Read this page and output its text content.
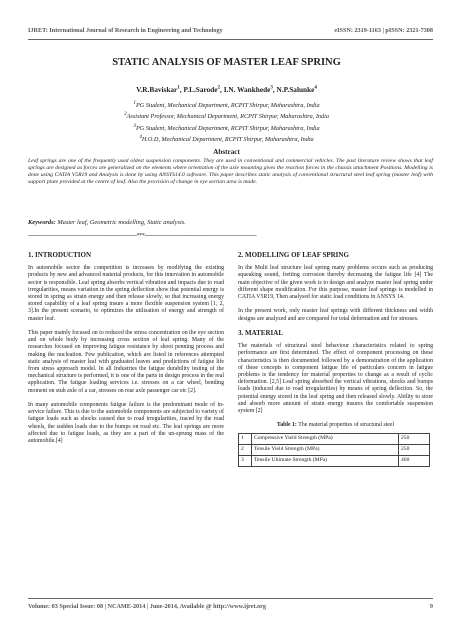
IJRET: International Journal of Research in Engineering and Technology	eISSN: 2319-1163 | pISSN: 2321-7308
STATIC ANALYSIS OF MASTER LEAF SPRING
V.R.Baviskar$^1$, P.L.Sarode$^2$, I.N. Wankhede$^3$, N.P.Salunke$^4$
$^1$PG Student, Mechanical Department, RCPIT Shirpur, Maharashtra, India
$^2$Assistant Professor, Mechanical Department, RCPIT Shirpur, Maharashtra, India
$^3$PG Student, Mechanical Department, RCPIT Shirpur, Maharashtra, India
$^4$H.O.D, Mechanical Department, RCPIT Shirpur, Maharashtra, India
Abstract
Leaf springs are one of the frequently used oldest suspension components. They are used in conventional and commercial vehicles. The past literature review shows that leaf springs are designed as forces are generalized on the elements where orientation of the axle mounting gives the reaction forces in the chassis attachment Positions. Modelling is done using CATIA V5R19 and Analysis is done by using ANSYS14.0 software. This paper describes static analysis of conventional structural steel leaf spring (master leaf) with support plate provided at the centre of leaf. Also the provision of change in eye section area is made.
Keywords: Master leaf, Geometric modelling, Static analysis.
--------------------------------------------------------------------***----------------------------------------------------------------------
1. INTRODUCTION

In automobile sector the competition is increases by modifying the existing products by new and advanced material products, for this innovation in automobile sector is responsible. Leaf spring absorbs vertical vibration and impacts due to road irregularities, means variation in the spring deflection show that potential energy is stored in spring as strain energy and then release slowly, so that increasing energy stored capability of a leaf spring insure a more flexible suspension system [1, 2, 3].In the present scenario, to optimizes the utilisation of energy and strength of master leaf.

This paper mainly focused on to reduced the stress concentration on the eye section and on whole body by increasing cross section of leaf spring. Many of the researches focused on improving fatigue resistance by shoot penning process and making the nucleation. Few publication, which are listed in references attempted static analysis of master leaf with graduated leaves and predictions of fatigue life from stress approach model. In all Industries the fatigue durability testing of the mechanical structure is performed, it is one of the parts in design process in the real application. The fatigue loading services i.e. stresses on a car wheel, bending moment on stub axle of a car, stresses on rear axle passenger car etc [2].

In many automobile components fatigue failure is the predominant mode of in-service failure. This is due to the automobile components are subjected to variety of fatigue loads such as shocks caused due to road irregularities, traced by the road wheels, the sudden loads due to the bumps on road etc. The leaf springs are more affected due to fatigue loads, as they are a part of the un-sprung mass of the automobile.[4]

2. MODELLING OF LEAF SPRING

In the Multi leaf structure leaf spring many problems occurs such as producing squeaking sound, fretting corrosion thereby decreasing the fatigue life [4] The main objective of the given work is to design and analyze master leaf spring under different shape modification. For this purpose, master leaf springs is modelled in CATIA V5R19, Then analysed for static load conditions in ANSYS 14.

In the present work, only master leaf springs with different thickness and width designs are analyzed and are compared for total deformation and for stresses.

3. MATERIAL

The materials of structural steel behaviour characteristics related to spring performance are first determined. The effect of component processing on these characteristics is then documented followed by a demonstration of the application of these concepts to component fatigue life of particulars concern in fatigue problems is the tendency for material properties to change as a result of cyclic deformation. [2,5] Leaf spring absorbed the vertical vibrations, shocks and bumps loads (induced due to road irregularities) by means of spring deflection. So, the potential energy stored in the leaf spring and then released slowly. Ability to store and absorb more amount of strain energy insures the comfortable suspension system [2]

Table 1: The material properties of structural steel
1	Compressive Yield Strength (MPa)	250
2	Tensile Yield Strength (MPa)	250
3	Tensile Ultimate Strength (MPa)	460
Volume: 03 Special Issue: 08 | NCAME-2014 | June-2014, Available @ http://www.ijret.org	9
